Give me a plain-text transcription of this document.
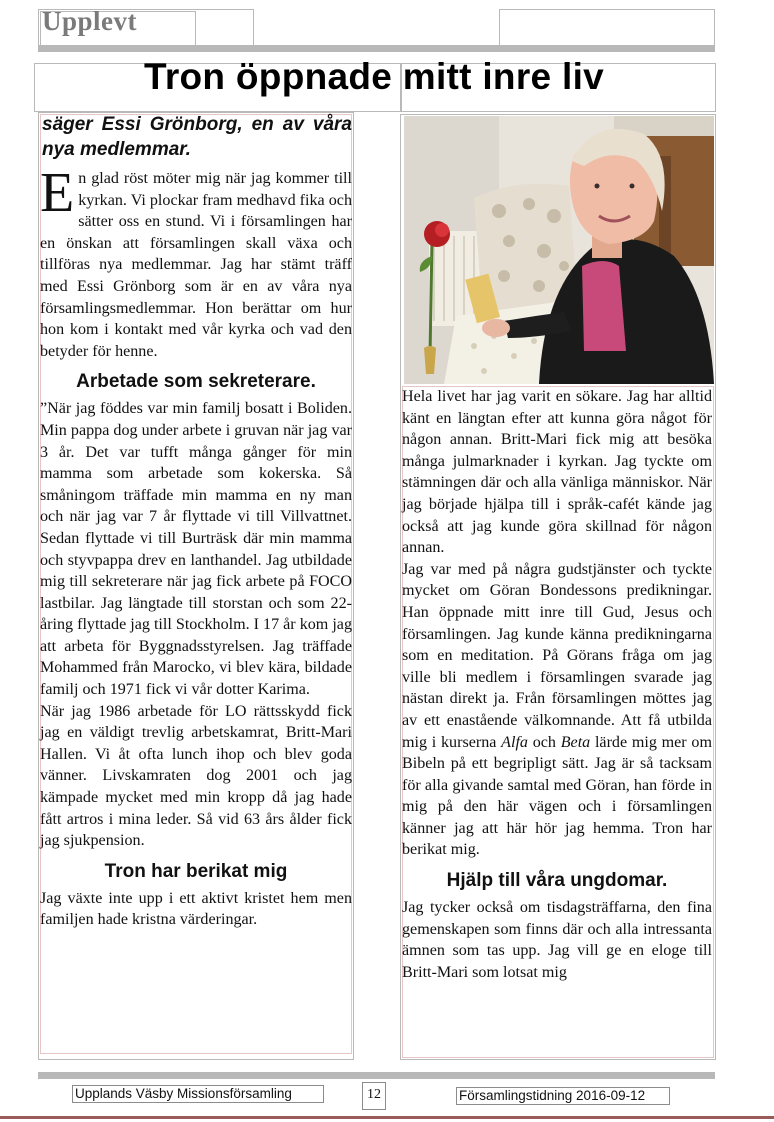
Upplevt
Tron öppnade mitt inre liv
säger Essi Grönborg, en av våra nya medlemmar.

En glad röst möter mig när jag kommer till kyrkan. Vi plockar fram medhavd fika och sätter oss en stund. Vi i församlingen har en önskan att församlingen skall växa och tillföras nya medlemmar. Jag har stämt träff med Essi Grönborg som är en av våra nya församlingsmedlemmar. Hon berättar om hur hon kom i kontakt med vår kyrka och vad den betyder för henne.

Arbetade som sekreterare.

”När jag föddes var min familj bosatt i Boliden. Min pappa dog under arbete i gruvan när jag var 3 år. Det var tufft många gånger för min mamma som arbetade som kokerska. Så småningom träffade min mamma en ny man och när jag var 7 år flyttade vi till Villvattnet. Sedan flyttade vi till Burträsk där min mamma och styvpappa drev en lanthandel. Jag utbildade mig till sekreterare när jag fick arbete på FOCO lastbilar. Jag längtade till storstan och som 22-åring flyttade jag till Stockholm. I 17 år kom jag att arbeta för Byggnadsstyrelsen. Jag träffade Mohammed från Marocko, vi blev kära, bildade familj och 1971 fick vi vår dotter Karima.

När jag 1986 arbetade för LO rättsskydd fick jag en väldigt trevlig arbetskamrat, Britt-Mari Hallen. Vi åt ofta lunch ihop och blev goda vänner. Livskamraten dog 2001 och jag kämpade mycket med min kropp då jag hade fått artros i mina leder. Så vid 63 års ålder fick jag sjukpension.

Tron har berikat mig

Jag växte inte upp i ett aktivt kristet hem men familjen hade kristna värderingar.

Hela livet har jag varit en sökare. Jag har alltid känt en längtan efter att kunna göra något för någon annan. Britt-Mari fick mig att besöka många julmarknader i kyrkan. Jag tyckte om stämningen där och alla vänliga människor. När jag började hjälpa till i språk-cafét kände jag också att jag kunde göra skillnad för någon annan.

Jag var med på några gudstjänster och tyckte mycket om Göran Bondessons predikningar. Han öppnade mitt inre till Gud, Jesus och församlingen. Jag kunde känna predikningarna som en meditation. På Görans fråga om jag ville bli medlem i församlingen svarade jag nästan direkt ja. Från församlingen möttes jag av ett enastående välkomnande. Att få utbilda mig i kurserna Alfa och Beta lärde mig mer om Bibeln på ett begripligt sätt. Jag är så tacksam för alla givande samtal med Göran, han förde in mig på den här vägen och i församlingen känner jag att här hör jag hemma. Tron har berikat mig.

Hjälp till våra ungdomar.

Jag tycker också om tisdagsträffarna, den fina gemenskapen som finns där och alla intressanta ämnen som tas upp. Jag vill ge en eloge till Britt-Mari som lotsat mig

Upplands Väsby Missionsförsamling	12	Församlingstidning 2016-09-12
